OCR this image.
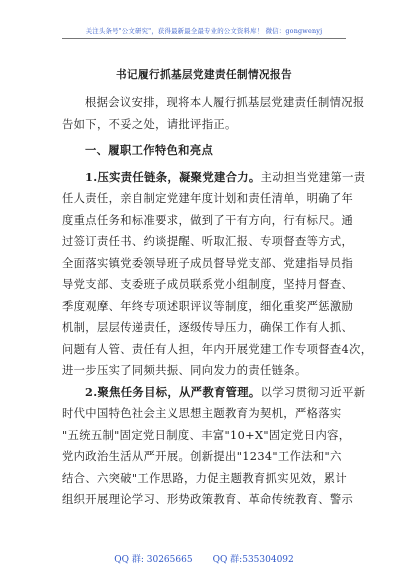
关注头条号"公文研究"，获得最新最全最专业的公文资料库！ 微信：gongwenyj
书记履行抓基层党建责任制情况报告
根据会议安排，现将本人履行抓基层党建责任制情况报
告如下，不妥之处，请批评指正。
一、履职工作特色和亮点
1.压实责任链条，凝聚党建合力。主动担当党建第一责
任人责任，亲自制定党建年度计划和责任清单，明确了年
度重点任务和标准要求，做到了干有方向，行有标尺。通
过签订责任书、约谈提醒、听取汇报、专项督查等方式，
全面落实镇党委领导班子成员督导党支部、党建指导员指
导党支部、支委班子成员联系党小组制度，坚持月督查、
季度观摩、年终专项述职评议等制度，细化重奖严惩激励
机制，层层传递责任，逐级传导压力，确保工作有人抓、
问题有人管、责任有人担，年内开展党建工作专项督查4次，
进一步压实了同频共振、同向发力的责任链条。
2.聚焦任务目标，从严教育管理。以学习贯彻习近平新
时代中国特色社会主义思想主题教育为契机，严格落实
"五统五制"固定党日制度、丰富"10+X"固定党日内容，
党内政治生活从严开展。创新提出"1234"工作法和"六
结合、六突破"工作思路，力促主题教育抓实见效，累计
组织开展理论学习、形势政策教育、革命传统教育、警示
QQ 群: 30265665 QQ 群:535304092
